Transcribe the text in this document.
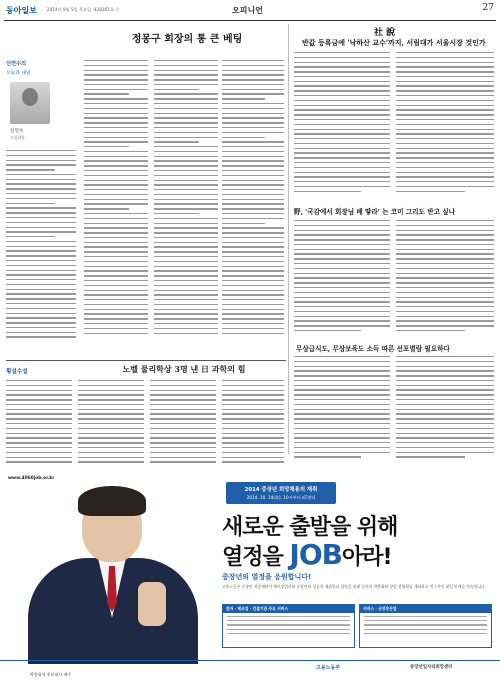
동아일보 2014년 9월 5일 목요일 제28361호 ⓢ	오피니언	27
정몽구 회장의 통 큰 베팅
신연수의
오늘과 내일
신연수
논설위원
횡설수설	노벨 물리학상 3명 낸 日 과학의 힘
社 說
반값 등록금에 '낙하산 교수'까지, 서림대가 서울시장 것인가
野, '국감에서 회장님 배 땋라' 는 코미 그리도 반고 싶나
무상급식도, 무상보육도 소득 따른 선포별람 필요하다
www.4060job.or.kr
2014 중장년 희망채용의 재취
2014. 10. 14(화), 10시부터 aT센터
새로운 출발을 위해
열정을 JOB아라!
중장년의 열정을 응원합니다!
고용노동부 중장년 희망재단이 예비창업자와 중장년의 성공적 재취업과 창업을 위해 일자리 박람회와 창업 설명회를 개최하고 적극적인 취업 연계를 약속합니다.
전자 · 제조업 · 건설기관 주요 서비스	서비스 · 신성장산업
박람회의 홍보대사 배우
고용노동부	중장년일자리희망센터
